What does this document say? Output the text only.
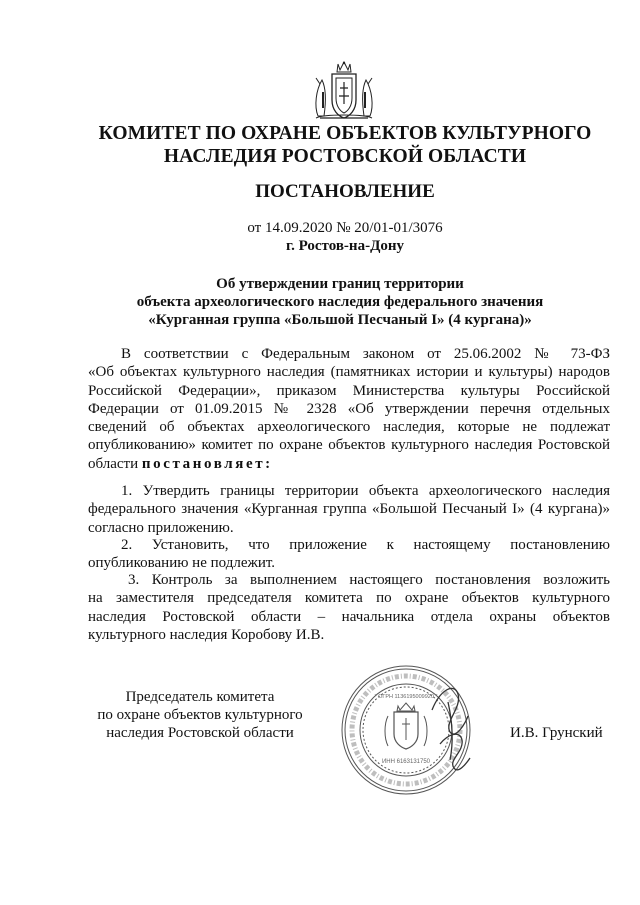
КОМИТЕТ ПО ОХРАНЕ ОБЪЕКТОВ КУЛЬТУРНОГО
НАСЛЕДИЯ РОСТОВСКОЙ ОБЛАСТИ
ПОСТАНОВЛЕНИЕ
от 14.09.2020 № 20/01-01/3076
г. Ростов-на-Дону
Об утверждении границ территории
объекта археологического наследия федерального значения
«Курганная группа «Большой Песчаный I» (4 кургана)»
В соответствии с Федеральным законом от 25.06.2002 № 73-ФЗ
«Об объектах культурного наследия (памятниках истории и культуры) народов
Российской Федерации», приказом Министерства культуры Российской
Федерации от 01.09.2015 № 2328 «Об утверждении перечня отдельных
сведений об объектах археологического наследия, которые не подлежат
опубликованию» комитет по охране объектов культурного наследия Ростовской
области постановляет:
1. Утвердить границы территории объекта археологического наследия
федерального значения «Курганная группа «Большой Песчаный I» (4 кургана)»
согласно приложению.
2. Установить, что приложение к настоящему постановлению
опубликованию не подлежит.
3. Контроль за выполнением настоящего постановления возложить
на заместителя председателя комитета по охране объектов культурного
наследия Ростовской области – начальника отдела охраны объектов
культурного наследия Коробову И.В.
Председатель комитета
по охране объектов культурного
наследия Ростовской области
ИНН 6163131750
* ОГРН 1136195009920 *
И.В. Грунский
